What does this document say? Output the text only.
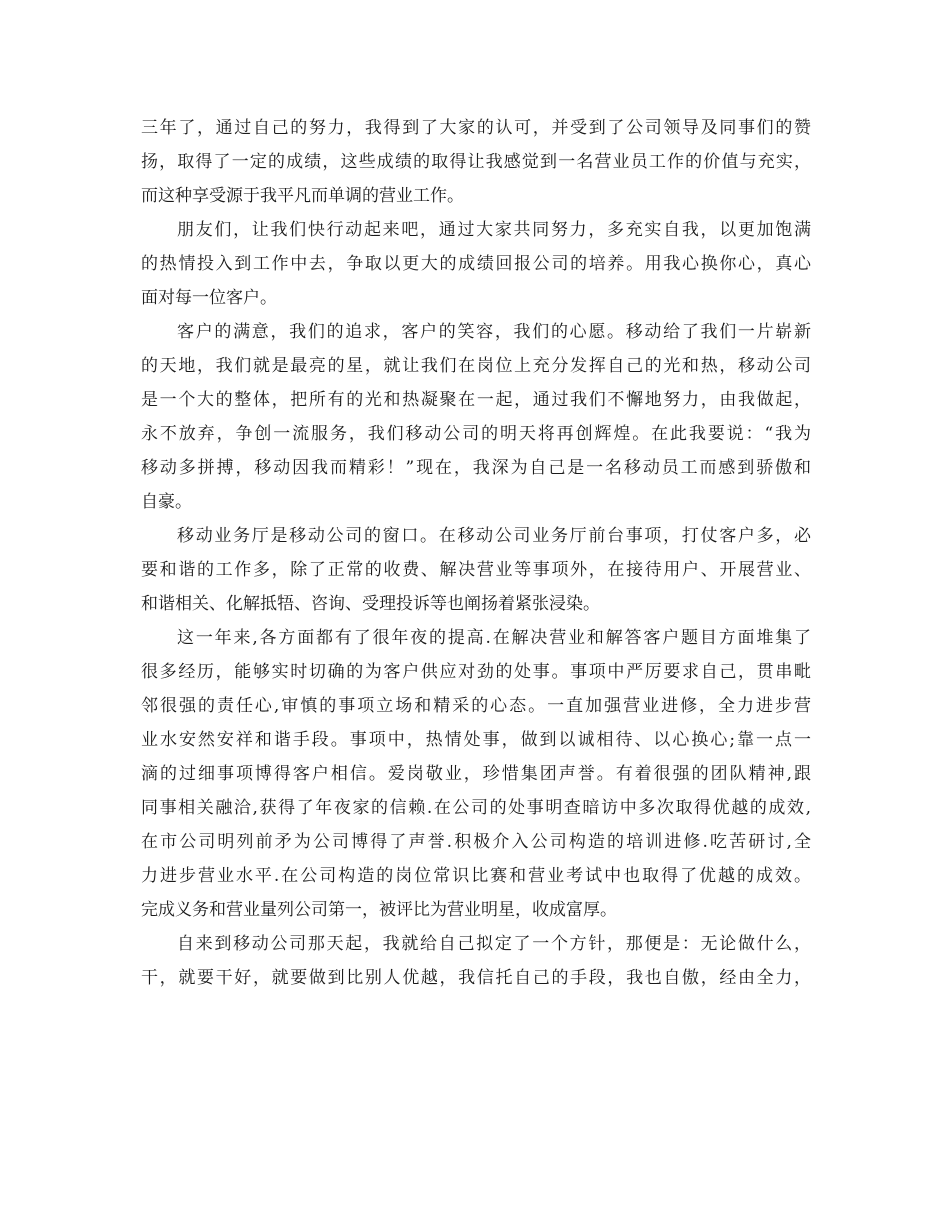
三年了，通过自己的努力，我得到了大家的认可，并受到了公司领导及同事们的赞
扬，取得了一定的成绩，这些成绩的取得让我感觉到一名营业员工作的价值与充实，
而这种享受源于我平凡而单调的营业工作。
朋友们，让我们快行动起来吧，通过大家共同努力，多充实自我，以更加饱满
的热情投入到工作中去，争取以更大的成绩回报公司的培养。用我心换你心，真心
面对每一位客户。
客户的满意，我们的追求，客户的笑容，我们的心愿。移动给了我们一片崭新
的天地，我们就是最亮的星，就让我们在岗位上充分发挥自己的光和热，移动公司
是一个大的整体，把所有的光和热凝聚在一起，通过我们不懈地努力，由我做起，
永不放弃，争创一流服务，我们移动公司的明天将再创辉煌。在此我要说：“我为
移动多拼搏，移动因我而精彩！”现在，我深为自己是一名移动员工而感到骄傲和
自豪。
移动业务厅是移动公司的窗口。在移动公司业务厅前台事项，打仗客户多，必
要和谐的工作多，除了正常的收费、解决营业等事项外，在接待用户、开展营业、
和谐相关、化解抵牾、咨询、受理投诉等也阐扬着紧张浸染。
这一年来,各方面都有了很年夜的提高.在解决营业和解答客户题目方面堆集了
很多经历，能够实时切确的为客户供应对劲的处事。事项中严厉要求自己，贯串毗
邻很强的责任心,审慎的事项立场和精采的心态。一直加强营业进修，全力进步营
业水安然安祥和谐手段。事项中，热情处事，做到以诚相待、以心换心;靠一点一
滴的过细事项博得客户相信。爱岗敬业，珍惜集团声誉。有着很强的团队精神,跟
同事相关融洽,获得了年夜家的信赖.在公司的处事明查暗访中多次取得优越的成效,
在市公司明列前矛为公司博得了声誉.积极介入公司构造的培训进修.吃苦研讨,全
力进步营业水平.在公司构造的岗位常识比赛和营业考试中也取得了优越的成效。
完成义务和营业量列公司第一，被评比为营业明星，收成富厚。
自来到移动公司那天起，我就给自己拟定了一个方针，那便是：无论做什么，
干，就要干好，就要做到比别人优越，我信托自己的手段，我也自傲，经由全力，
